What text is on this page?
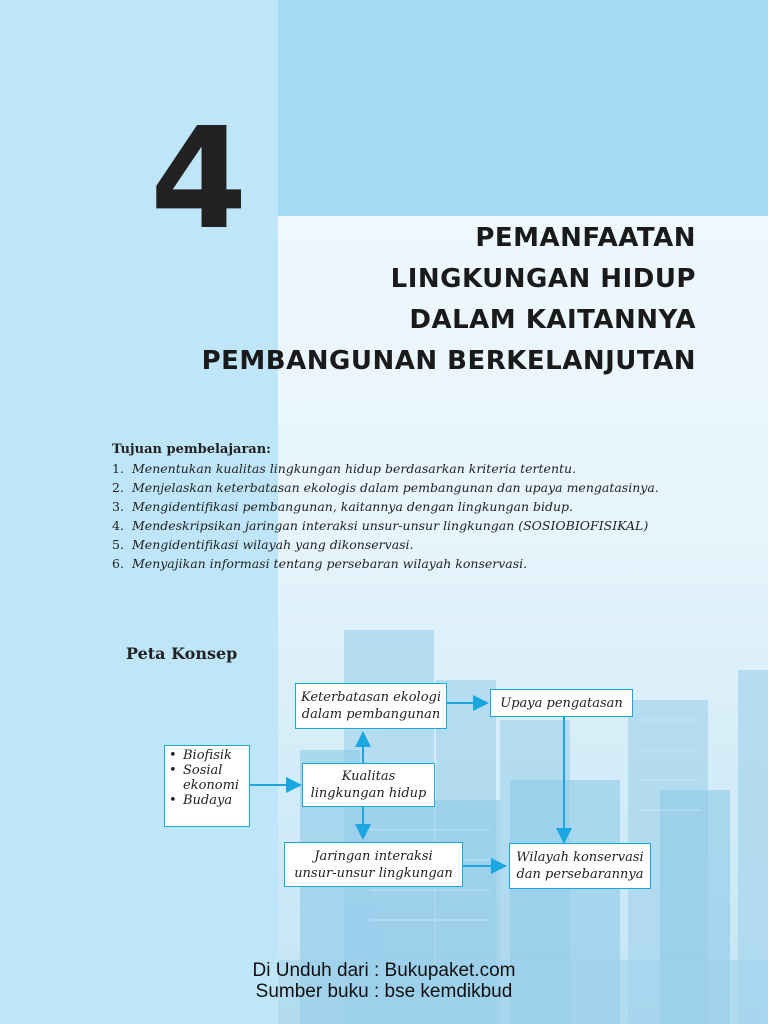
4	PEMANFAATAN
LINGKUNGAN HIDUP
DALAM KAITANNYA
PEMBANGUNAN BERKELANJUTAN
Tujuan pembelajaran:
1. Menentukan kualitas lingkungan hidup berdasarkan kriteria tertentu.
2. Menjelaskan keterbatasan ekologis dalam pembangunan dan upaya mengatasinya.
3. Mengidentifikasi pembangunan, kaitannya dengan lingkungan bidup.
4. Mendeskripsikan jaringan interaksi unsur-unsur lingkungan (SOSIOBIOFISIKAL)
5. Mengidentifikasi wilayah yang dikonservasi.
6. Menyajikan informasi tentang persebaran wilayah konservasi.
Peta Konsep
• Biofisik
• Sosial
ekonomi
• Budaya
Keterbatasan ekologi
dalam pembangunan
Upaya pengatasan
Kualitas
lingkungan hidup
Jaringan interaksi
unsur-unsur lingkungan
Wilayah konservasi
dan persebarannya
Di Unduh dari : Bukupaket.com
Sumber buku : bse kemdikbud
